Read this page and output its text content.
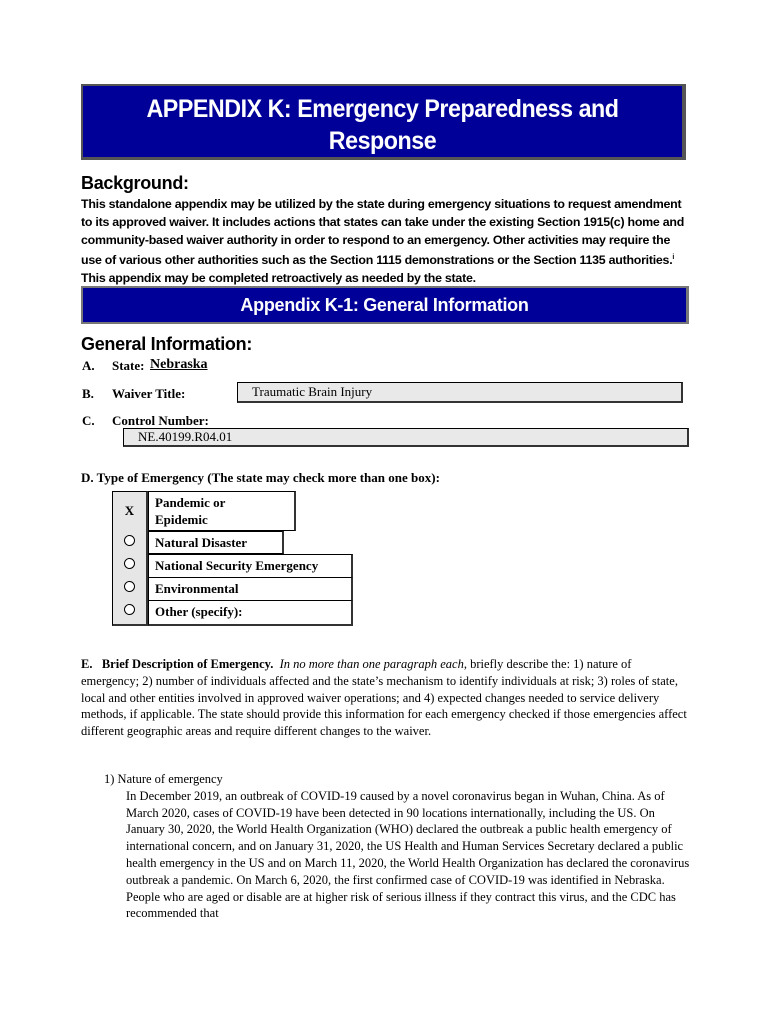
APPENDIX K: Emergency Preparedness and
Response
Background:
This standalone appendix may be utilized by the state during emergency situations to request amendment to its approved waiver. It includes actions that states can take under the existing Section 1915(c) home and community-based waiver authority in order to respond to an emergency. Other activities may require the use of various other authorities such as the Section 1115 demonstrations or the Section 1135 authorities.$^i$ This appendix may be completed retroactively as needed by the state.
Appendix K-1: General Information
General Information:
A. State: Nebraska
B. Waiver Title:	Traumatic Brain Injury
C. Control Number:
NE.40199.R04.01
D. Type of Emergency (The state may check more than one box):
X
Pandemic or
Epidemic
Natural Disaster
National Security Emergency
Environmental
Other (specify):
E. Brief Description of Emergency. In no more than one paragraph each, briefly describe the: 1) nature of emergency; 2) number of individuals affected and the state’s mechanism to identify individuals at risk; 3) roles of state, local and other entities involved in approved waiver operations; and 4) expected changes needed to service delivery methods, if applicable. The state should provide this information for each emergency checked if those emergencies affect different geographic areas and require different changes to the waiver.
1) Nature of emergency
In December 2019, an outbreak of COVID-19 caused by a novel coronavirus began in Wuhan, China. As of March 2020, cases of COVID-19 have been detected in 90 locations internationally, including the US. On January 30, 2020, the World Health Organization (WHO) declared the outbreak a public health emergency of international concern, and on January 31, 2020, the US Health and Human Services Secretary declared a public health emergency in the US and on March 11, 2020, the World Health Organization has declared the coronavirus outbreak a pandemic. On March 6, 2020, the first confirmed case of COVID-19 was identified in Nebraska. People who are aged or disable are at higher risk of serious illness if they contract this virus, and the CDC has recommended that
